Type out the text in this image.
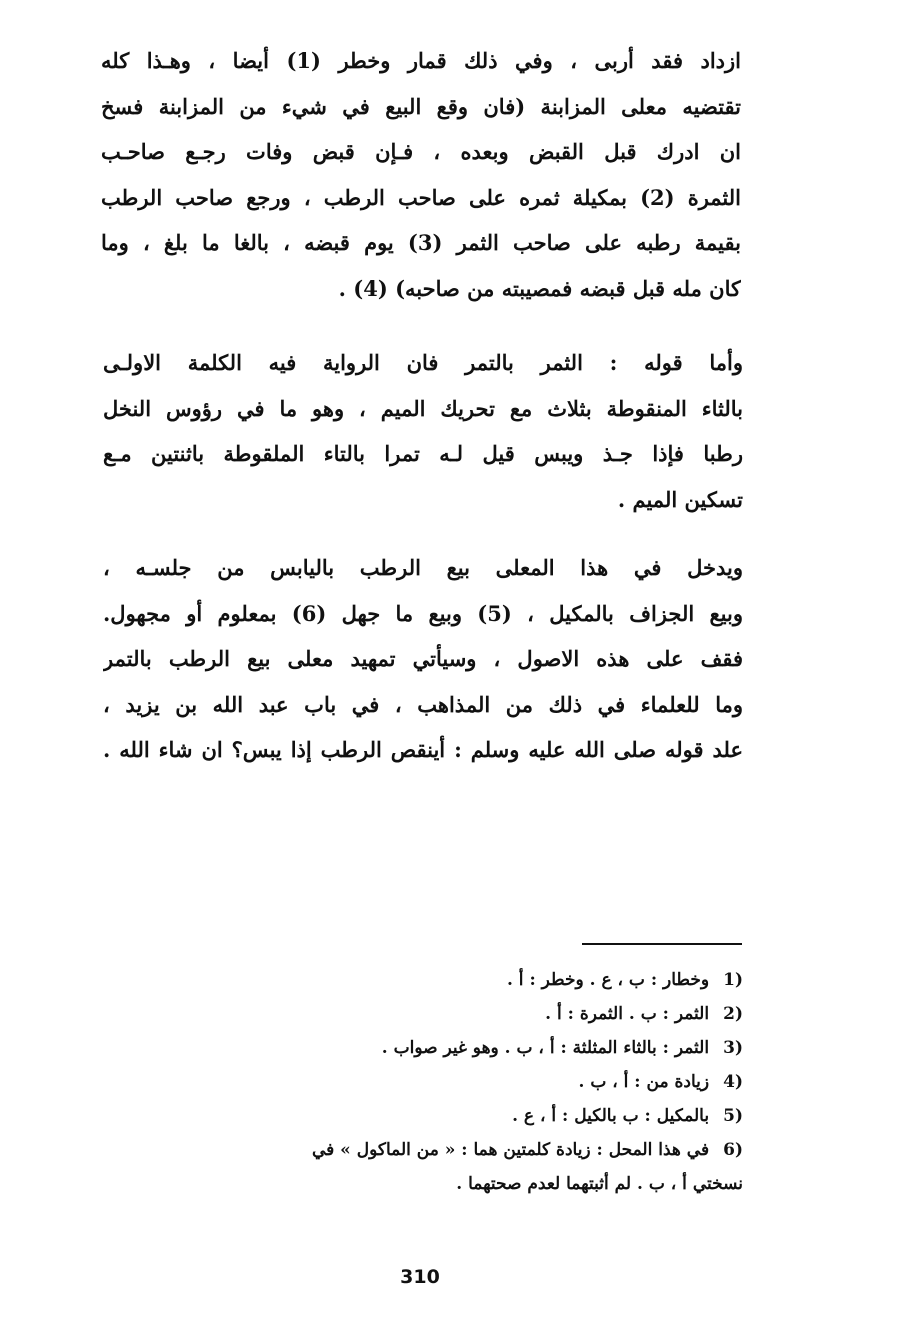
ازداد فقد أربى ، وفي ذلك قمار وخطر (1) أيضا ، وهـذا كله
تقتضيه معلى المزابنة (فان وقع البيع في شيء من المزابنة فسخ
ان ادرك قبل القبض وبعده ، فـإن قبض وفات رجـع صاحـب
الثمرة (2) بمكيلة ثمره على صاحب الرطب ، ورجع صاحب الرطب
بقيمة رطبه على صاحب الثمر (3) يوم قبضه ، بالغا ما بلغ ، وما
كان مله قبل قبضه فمصيبته من صاحبه) (4) .
وأما قوله : الثمر بالتمر فان الرواية فيه الكلمة الاولـى
بالثاء المنقوطة بثلاث مع تحريك الميم ، وهو ما في رؤوس النخل
رطبا فإذا جـذ ويبس قيل لـه تمرا بالتاء الملقوطة باثنتين مـع
تسكين الميم .
ويدخل في هذا المعلى بيع الرطب باليابس من جلسـه ،
وبيع الجزاف بالمكيل ، (5) وبيع ما جهل (6) بمعلوم أو مجهول.
فقف على هذه الاصول ، وسيأتي تمهيد معلى بيع الرطب بالتمر
وما للعلماء في ذلك من المذاهب ، في باب عبد الله بن يزيد ،
علد قوله صلى الله عليه وسلم : أينقص الرطب إذا يبس؟ ان شاء الله .
(1 وخطار : ب ، ع . وخطر : أ .
(2 الثمر : ب . الثمرة : أ .
(3 الثمر : بالثاء المثلثة : أ ، ب . وهو غير صواب .
(4 زيادة من : أ ، ب .
(5 بالمكيل : ب بالكيل : أ ، ع .
(6 في هذا المحل : زيادة كلمتين هما : « من الماكول » في
نسختي أ ، ب . لم أثبتهما لعدم صحتهما .
310
